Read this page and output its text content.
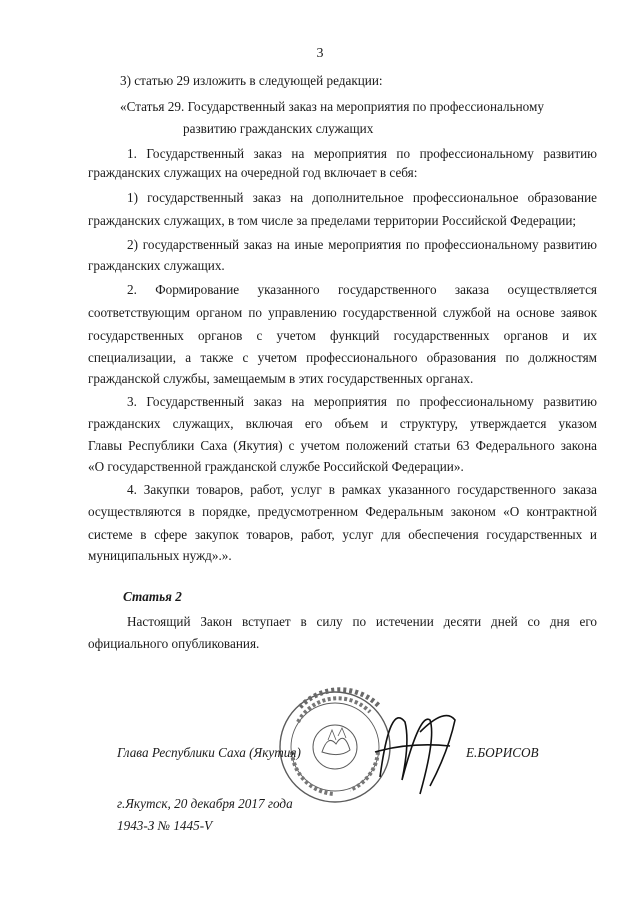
3
3) статью 29 изложить в следующей редакции:
«Статья 29. Государственный заказ на мероприятия по профессиональному
развитию гражданских служащих
1. Государственный заказ на мероприятия по профессиональному развитию
гражданских служащих на очередной год включает в себя:
1) государственный заказ на дополнительное профессиональное образование
гражданских служащих, в том числе за пределами территории Российской Федерации;
2) государственный заказ на иные мероприятия по профессиональному развитию
гражданских служащих.
2. Формирование указанного государственного заказа осуществляется
соответствующим органом по управлению государственной службой на основе заявок
государственных органов с учетом функций государственных органов и их
специализации, а также с учетом профессионального образования по должностям
гражданской службы, замещаемым в этих государственных органах.
3. Государственный заказ на мероприятия по профессиональному развитию
гражданских служащих, включая его объем и структуру, утверждается указом
Главы Республики Саха (Якутия) с учетом положений статьи 63 Федерального закона
«О государственной гражданской службе Российской Федерации».
4. Закупки товаров, работ, услуг в рамках указанного государственного заказа
осуществляются в порядке, предусмотренном Федеральным законом «О контрактной
системе в сфере закупок товаров, работ, услуг для обеспечения государственных и
муниципальных нужд».».
Статья 2
Настоящий Закон вступает в силу по истечении десяти дней со дня его
официального опубликования.
Глава Республики Саха (Якутия)	Е.БОРИСОВ
г.Якутск, 20 декабря 2017 года
1943-З № 1445-V
